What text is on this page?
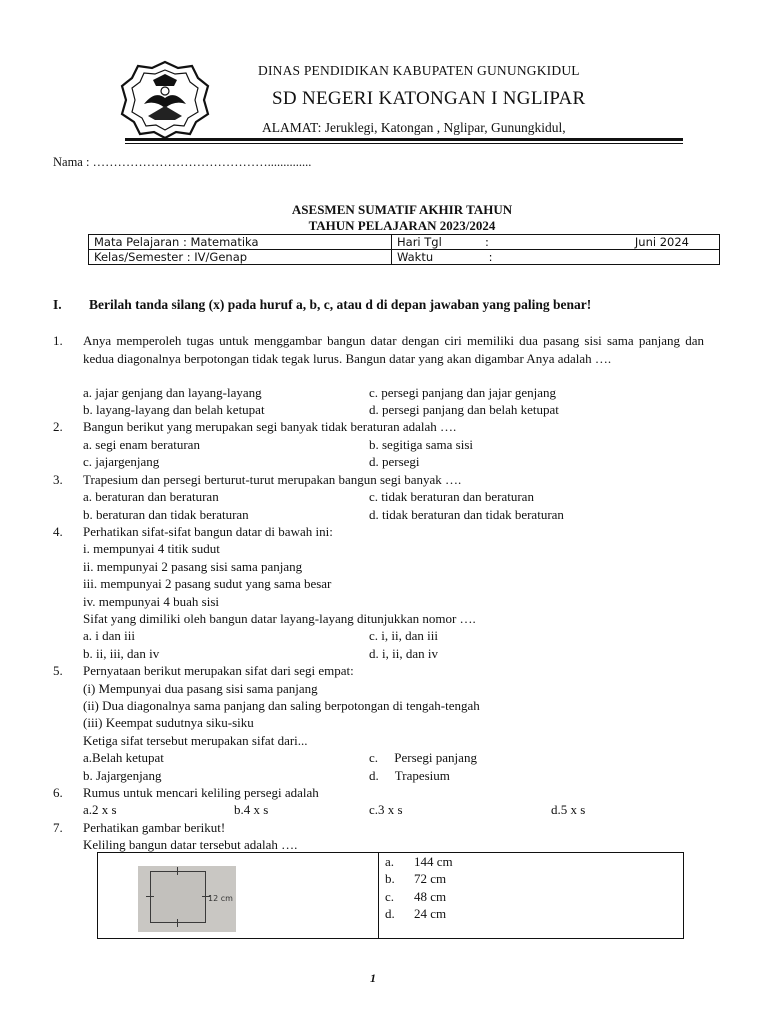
DINAS PENDIDIKAN KABUPATEN GUNUNGKIDUL
SD NEGERI KATONGAN I NGLIPAR
ALAMAT: Jeruklegi, Katongan , Nglipar, Gunungkidul,
Nama : ……………………………………..............
ASESMEN SUMATIF AKHIR TAHUN
TAHUN PELAJARAN 2023/2024
Mata Pelajaran : Matematika	Hari Tgl : Juni 2024

Kelas/Semester : IV/Genap	Waktu :
I. Berilah tanda silang (x) pada huruf a, b, c, atau d di depan jawaban yang paling benar!
1. Anya memperoleh tugas untuk menggambar bangun datar dengan ciri memiliki dua pasang sisi sama panjang dan kedua diagonalnya berpotongan tidak tegak lurus. Bangun datar yang akan digambar Anya adalah ….
a. jajar genjang dan layang-layang	c. persegi panjang dan jajar genjang
b. layang-layang dan belah ketupat	d. persegi panjang dan belah ketupat
2. Bangun berikut yang merupakan segi banyak tidak beraturan adalah ….
a. segi enam beraturan	b. segitiga sama sisi
c. jajargenjang	d. persegi
3. Trapesium dan persegi berturut-turut merupakan bangun segi banyak ….
a. beraturan dan beraturan	c. tidak beraturan dan beraturan
b. beraturan dan tidak beraturan	d. tidak beraturan dan tidak beraturan
4. Perhatikan sifat-sifat bangun datar di bawah ini:
i. mempunyai 4 titik sudut
ii. mempunyai 2 pasang sisi sama panjang
iii. mempunyai 2 pasang sudut yang sama besar
iv. mempunyai 4 buah sisi
Sifat yang dimiliki oleh bangun datar layang-layang ditunjukkan nomor ….
a. i dan iii	c. i, ii, dan iii
b. ii, iii, dan iv	d. i, ii, dan iv
5. Pernyataan berikut merupakan sifat dari segi empat:
(i) Mempunyai dua pasang sisi sama panjang
(ii) Dua diagonalnya sama panjang dan saling berpotongan di tengah-tengah
(iii) Keempat sudutnya siku-siku
Ketiga sifat tersebut merupakan sifat dari...
a.Belah ketupat	c.     Persegi panjang
b. Jajargenjang	d.     Trapesium
6. Rumus untuk mencari keliling persegi adalah
a.2 x s	b.4 x s	c.3 x s	d.5 x s
7. Perhatikan gambar berikut!
Keliling bangun datar tersebut adalah ….
12 cm
a. 144 cm
b. 72 cm
c. 48 cm
d. 24 cm
1
